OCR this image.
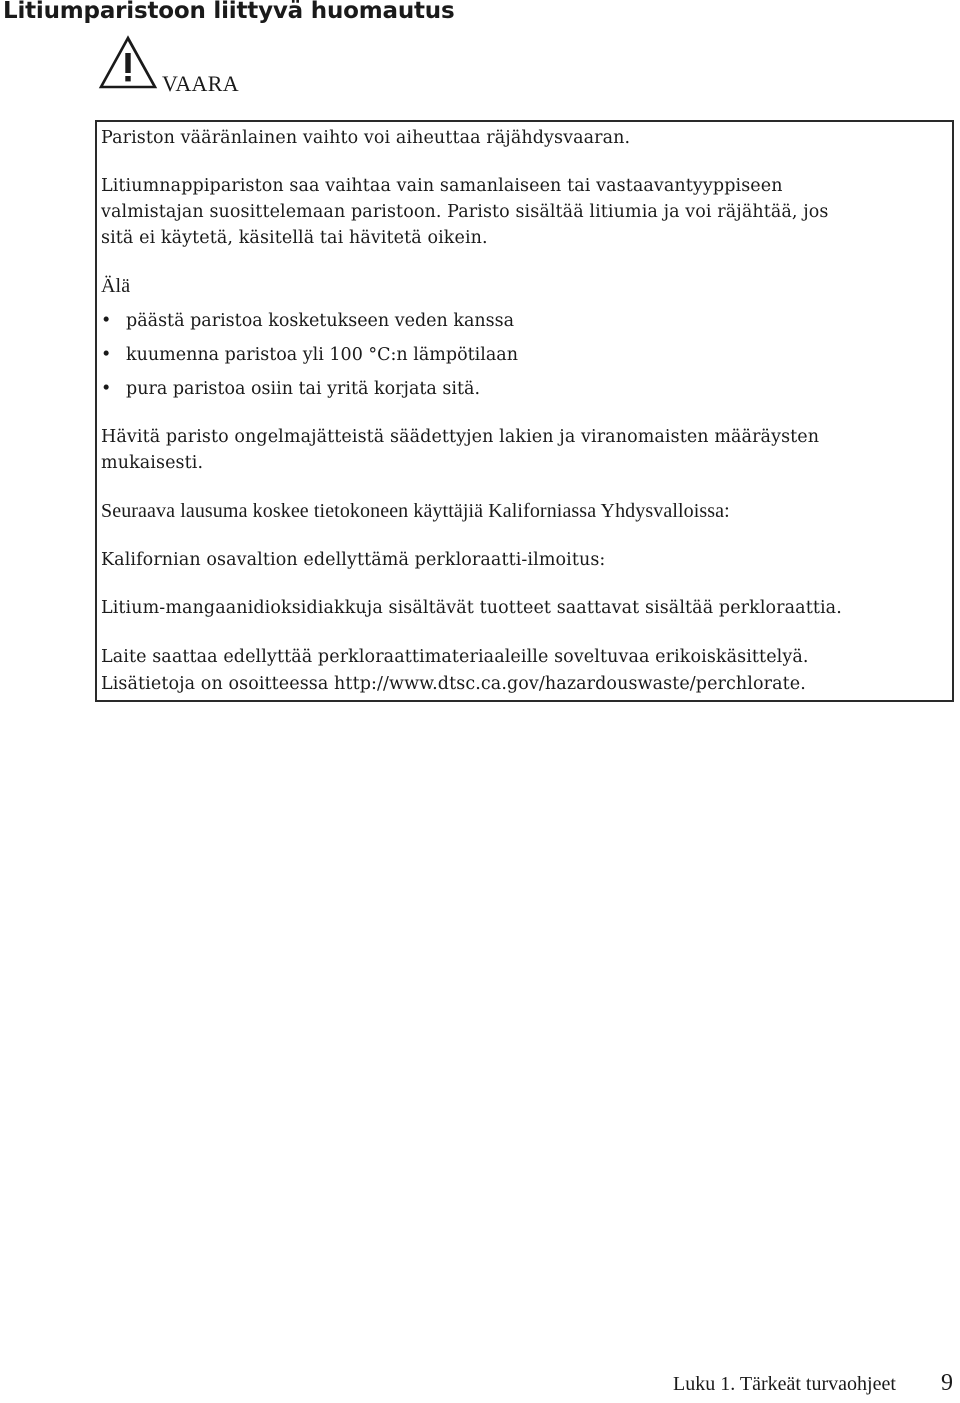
Litiumparistoon liittyvä huomautus
VAARA

Pariston vääränlainen vaihto voi aiheuttaa räjähdysvaaran.

Litiumnappipariston saa vaihtaa vain samanlaiseen tai vastaavantyyppiseen

valmistajan suosittelemaan paristoon. Paristo sisältää litiumia ja voi räjähtää, jos

sitä ei käytetä, käsitellä tai hävitetä oikein.

Älä

• päästä paristoa kosketukseen veden kanssa
• kuumenna paristoa yli 100 °C:n lämpötilaan
• pura paristoa osiin tai yritä korjata sitä.

Hävitä paristo ongelmajätteistä säädettyjen lakien ja viranomaisten määräysten

mukaisesti.

Seuraava lausuma koskee tietokoneen käyttäjiä Kaliforniassa Yhdysvalloissa:

Kalifornian osavaltion edellyttämä perkloraatti-ilmoitus:

Litium-mangaanidioksidiakkuja sisältävät tuotteet saattavat sisältää perkloraattia.

Laite saattaa edellyttää perkloraattimateriaaleille soveltuvaa erikoiskäsittelyä.

Lisätietoja on osoitteessa http://www.dtsc.ca.gov/hazardouswaste/perchlorate.

Luku 1. Tärkeät turvaohjeet 9
